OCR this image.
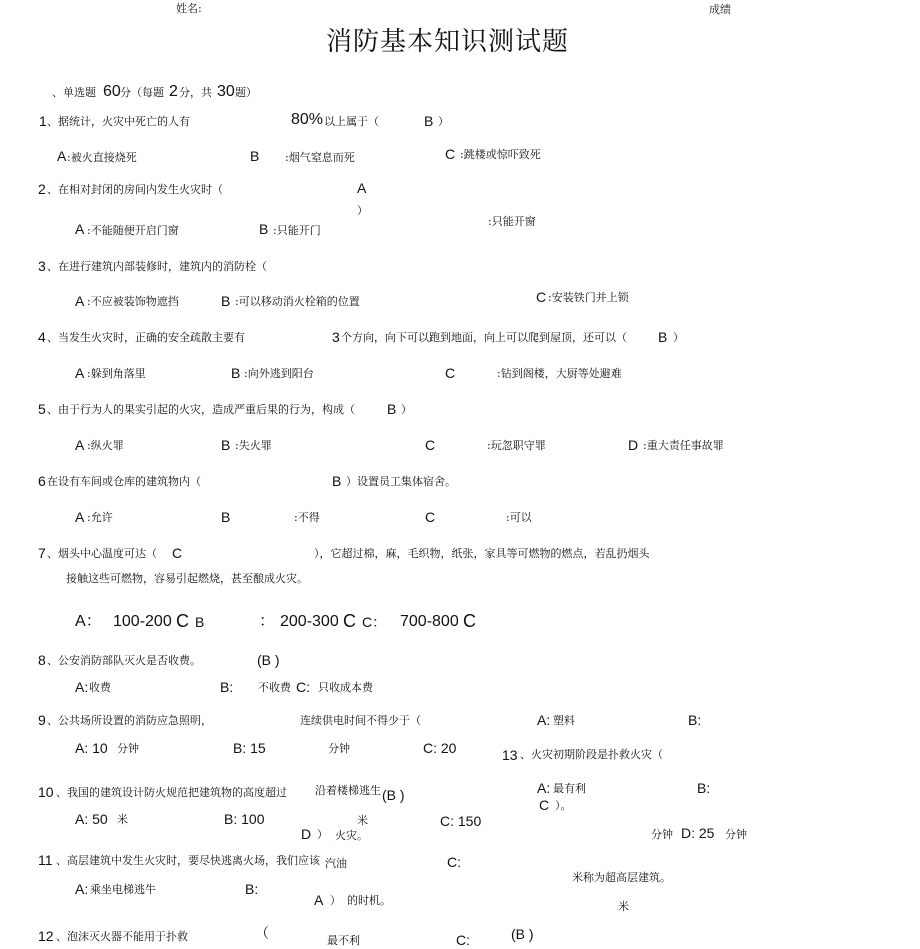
姓名:	成绩
消防基本知识测试题
、单选题 60 分（每题 2 分，共 30 题）
1 、据统计，火灾中死亡的人有	80% 以上属于（	B ）
A :被火直接烧死	B :烟气窒息而死	C :跳楼或惊吓致死
2 、在相对封闭的房间内发生火灾时（	A
）
:只能开窗
A :不能随便开启门窗	B :只能开门
3 、在进行建筑内部装修时，建筑内的消防栓（
A :不应被装饰物遮挡	B :可以移动消火栓箱的位置	C :安装铁门并上锁
4 、当发生火灾时，正确的安全疏散主要有	3 个方向，向下可以跑到地面，向上可以爬到屋顶，还可以（ B ）
A :躲到角落里	B :向外逃到阳台	C	:钻到阁楼，大厨等处避难
5 、由于行为人的果实引起的火灾，造成严重后果的行为，构成（ B ）
A :纵火罪	B :失火罪	C	:玩忽职守罪	D :重大责任事故罪
6 在设有车间或仓库的建筑物内（	B ）设置员工集体宿舍。
A :允许	B	:不得	C	:可以
7 、烟头中心温度可达（ C	），它超过棉，麻，毛织物，纸张，家具等可燃物的燃点，若乱扔烟头
接触这些可燃物，容易引起燃烧，甚至酿成火灾。
A： 100-200 C B	： 200-300 C C： 700-800 C
8 、公安消防部队灭火是否收费。	(B )
A: 收费	B: 不收费 C: 只收成本费
9 、公共场所设置的消防应急照明，	连续供电时间不得少于（	A: 塑料	B:
A: 10 分钟	B: 15	分钟	C: 20	13 、火灾初期阶段是扑救火灾（
A: 最有利	B:
C ）。
10 、我国的建筑设计防火规范把建筑物的高度超过	沿着楼梯逃生 (B )
A: 50 米	B: 100	米	C: 150
D ） 火灾。	分钟 D: 25 分钟
11 、高层建筑中发生火灾时，要尽快逃离火场，我们应该 汽油	C:
米称为超高层建筑。
A: 乘坐电梯逃牛	B:
A ） 的时机。	米
12 、泡沫灭火器不能用于扑救	（	最不利	C:	(B )
